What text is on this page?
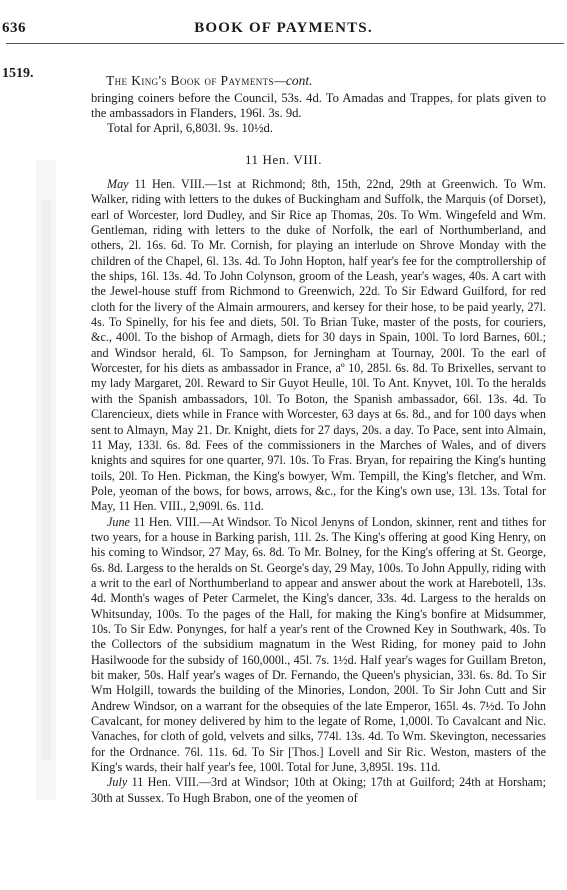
636	BOOK OF PAYMENTS.
1519.	The King's Book of Payments—cont.

bringing coiners before the Council, 53s. 4d. To Amadas and Trappes, for plats given to the ambassadors in Flanders, 196l. 3s. 9d.

Total for April, 6,803l. 9s. 10½d.

11 Hen. VIII.

May 11 Hen. VIII.—1st at Richmond; 8th, 15th, 22nd, 29th at Greenwich. To Wm. Walker, riding with letters to the dukes of Buckingham and Suffolk, the Marquis (of Dorset), earl of Worcester, lord Dudley, and Sir Rice ap Thomas, 20s. To Wm. Wingefeld and Wm. Gentleman, riding with letters to the duke of Norfolk, the earl of Northumberland, and others, 2l. 16s. 6d. To Mr. Cornish, for playing an interlude on Shrove Monday with the children of the Chapel, 6l. 13s. 4d. To John Hopton, half year's fee for the comptrollership of the ships, 16l. 13s. 4d. To John Colynson, groom of the Leash, year's wages, 40s. A cart with the Jewel-house stuff from Richmond to Greenwich, 22d. To Sir Edward Guilford, for red cloth for the livery of the Almain armourers, and kersey for their hose, to be paid yearly, 27l. 4s. To Spinelly, for his fee and diets, 50l. To Brian Tuke, master of the posts, for couriers, &c., 400l. To the bishop of Armagh, diets for 30 days in Spain, 100l. To lord Barnes, 60l.; and Windsor herald, 6l. To Sampson, for Jerningham at Tournay, 200l. To the earl of Worcester, for his diets as ambassador in France, aº 10, 285l. 6s. 8d. To Brixelles, servant to my lady Margaret, 20l. Reward to Sir Guyot Heulle, 10l. To Ant. Knyvet, 10l. To the heralds with the Spanish ambassadors, 10l. To Boton, the Spanish ambassador, 66l. 13s. 4d. To Clarencieux, diets while in France with Worcester, 63 days at 6s. 8d., and for 100 days when sent to Almayn, May 21. Dr. Knight, diets for 27 days, 20s. a day. To Pace, sent into Almain, 11 May, 133l. 6s. 8d. Fees of the commissioners in the Marches of Wales, and of divers knights and squires for one quarter, 97l. 10s. To Fras. Bryan, for repairing the King's hunting toils, 20l. To Hen. Pickman, the King's bowyer, Wm. Tempill, the King's fletcher, and Wm. Pole, yeoman of the bows, for bows, arrows, &c., for the King's own use, 13l. 13s. Total for May, 11 Hen. VIII., 2,909l. 6s. 11d.

June 11 Hen. VIII.—At Windsor. To Nicol Jenyns of London, skinner, rent and tithes for two years, for a house in Barking parish, 11l. 2s. The King's offering at good King Henry, on his coming to Windsor, 27 May, 6s. 8d. To Mr. Bolney, for the King's offering at St. George, 6s. 8d. Largess to the heralds on St. George's day, 29 May, 100s. To John Appully, riding with a writ to the earl of Northumberland to appear and answer about the work at Harebotell, 13s. 4d. Month's wages of Peter Carmelet, the King's dancer, 33s. 4d. Largess to the heralds on Whitsunday, 100s. To the pages of the Hall, for making the King's bonfire at Midsummer, 10s. To Sir Edw. Ponynges, for half a year's rent of the Crowned Key in Southwark, 40s. To the Collectors of the subsidium magnatum in the West Riding, for money paid to John Hasilwoode for the subsidy of 160,000l., 45l. 7s. 1½d. Half year's wages for Guillam Breton, bit maker, 50s. Half year's wages of Dr. Fernando, the Queen's physician, 33l. 6s. 8d. To Sir Wm Holgill, towards the building of the Minories, London, 200l. To Sir John Cutt and Sir Andrew Windsor, on a warrant for the obsequies of the late Emperor, 165l. 4s. 7½d. To John Cavalcant, for money delivered by him to the legate of Rome, 1,000l. To Cavalcant and Nic. Vanaches, for cloth of gold, velvets and silks, 774l. 13s. 4d. To Wm. Skevington, necessaries for the Ordnance. 76l. 11s. 6d. To Sir [Thos.] Lovell and Sir Ric. Weston, masters of the King's wards, their half year's fee, 100l. Total for June, 3,895l. 19s. 11d.

July 11 Hen. VIII.—3rd at Windsor; 10th at Oking; 17th at Guilford; 24th at Horsham; 30th at Sussex. To Hugh Brabon, one of the yeomen of
